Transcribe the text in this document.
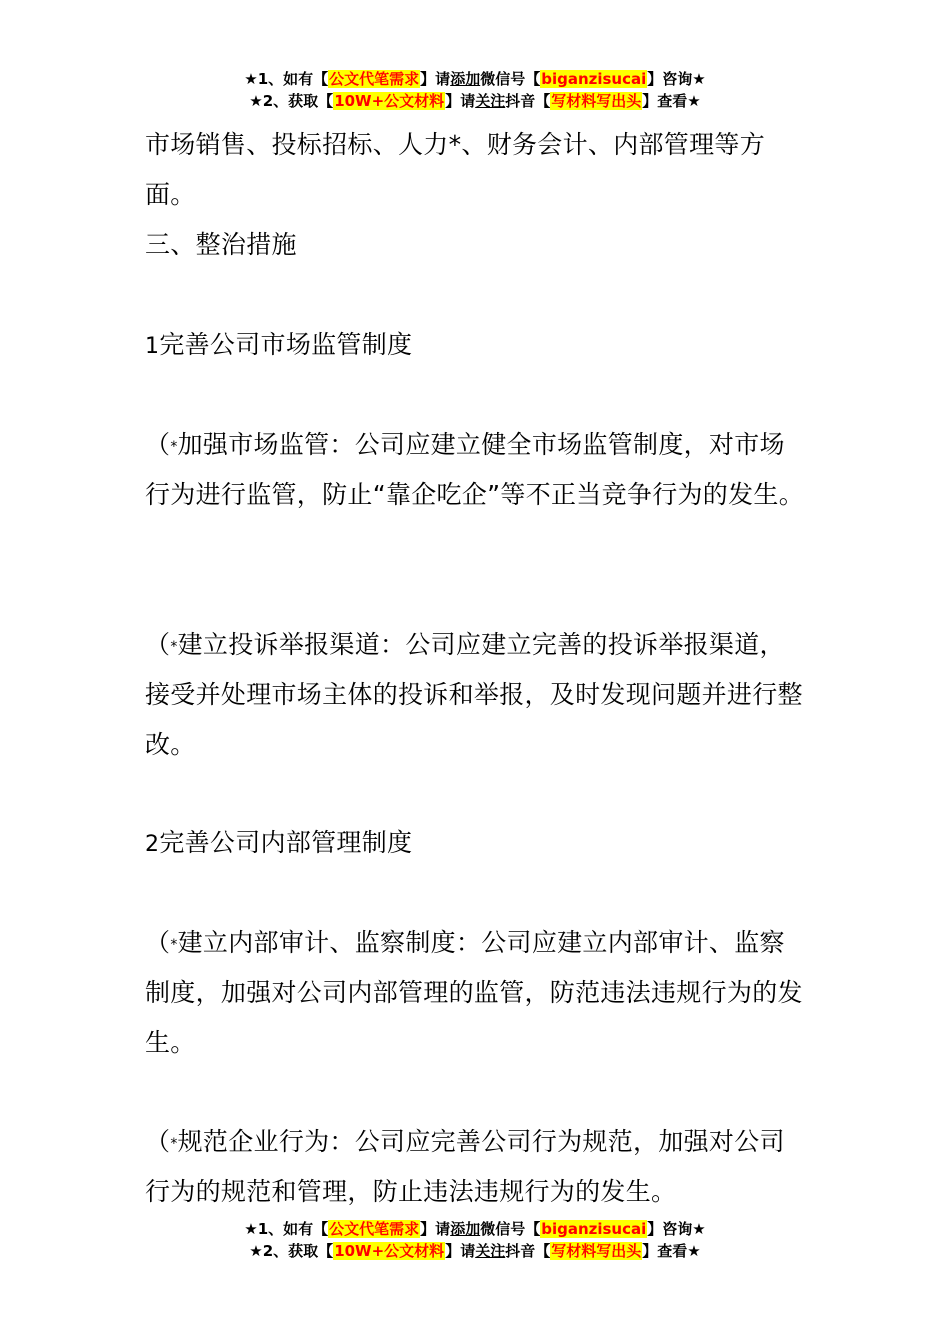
★1、如有【公文代笔需求】请添加微信号【biganzisucai】咨询★
★2、获取【10W+公文材料】请关注抖音【写材料写出头】查看★

市场销售、投标招标、人力*、财务会计、内部管理等方面。

三、整治措施

1完善公司市场监管制度

（*加强市场监管：公司应建立健全市场监管制度，对市场行为进行监管，防止“靠企吃企”等不正当竞争行为的发生。

（*建立投诉举报渠道：公司应建立完善的投诉举报渠道，接受并处理市场主体的投诉和举报，及时发现问题并进行整改。

2完善公司内部管理制度

（*建立内部审计、监察制度：公司应建立内部审计、监察制度，加强对公司内部管理的监管，防范违法违规行为的发生。

（*规范企业行为：公司应完善公司行为规范，加强对公司行为的规范和管理，防止违法违规行为的发生。

★1、如有【公文代笔需求】请添加微信号【biganzisucai】咨询★
★2、获取【10W+公文材料】请关注抖音【写材料写出头】查看★
